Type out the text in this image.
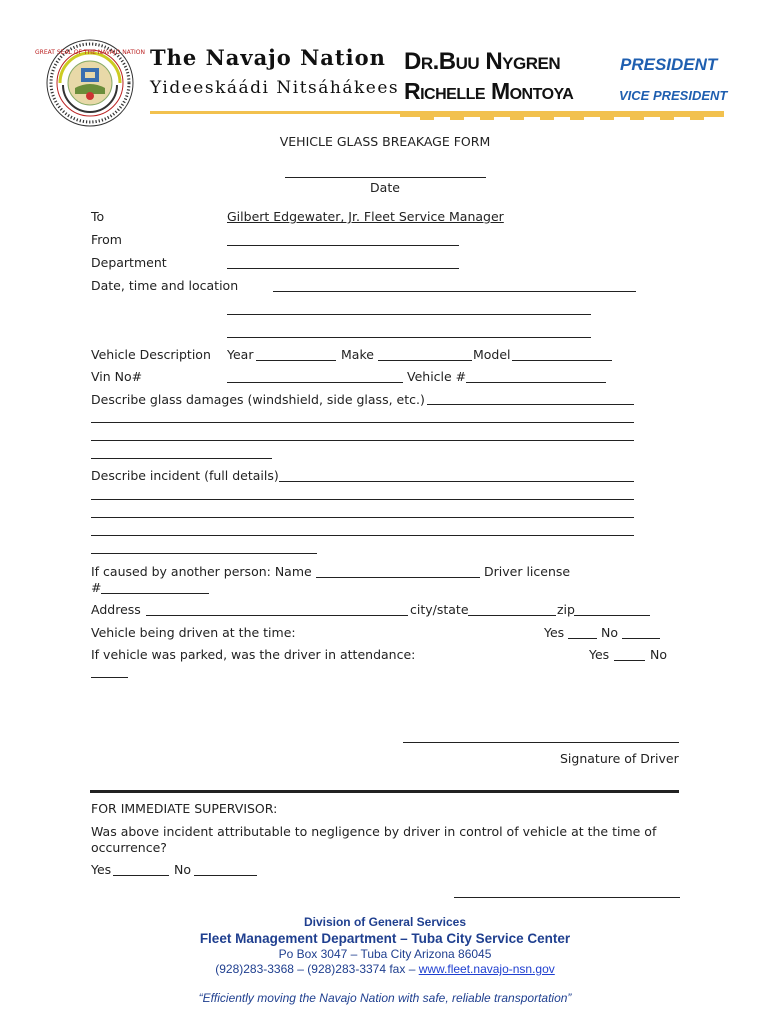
GREAT SEAL OF THE NAVAJO NATION The Navajo Nation
Yideeskáádi Nitsáhákees
Dr.Buu Nygren	PRESIDENT
Richelle Montoya	VICE PRESIDENT
VEHICLE GLASS BREAKAGE FORM
Date
To	Gilbert Edgewater, Jr. Fleet Service Manager
From
Department
Date, time and location
Vehicle Description Year	Make	Model
Vin No#	Vehicle #
Describe glass damages (windshield, side glass, etc.)
Describe incident (full details)
If caused by another person: Name	Driver license
#
Address	city/state	zip
Vehicle being driven at the time:	Yes	No
If vehicle was parked, was the driver in attendance:	Yes	No
Signature of Driver
FOR IMMEDIATE SUPERVISOR:
Was above incident attributable to negligence by driver in control of vehicle at the time of
occurrence?
Yes	No
Division of General Services
Fleet Management Department – Tuba City Service Center
Po Box 3047 – Tuba City Arizona 86045
(928)283-3368 – (928)283-3374 fax – www.fleet.navajo-nsn.gov
“Efficiently moving the Navajo Nation with safe, reliable transportation”
